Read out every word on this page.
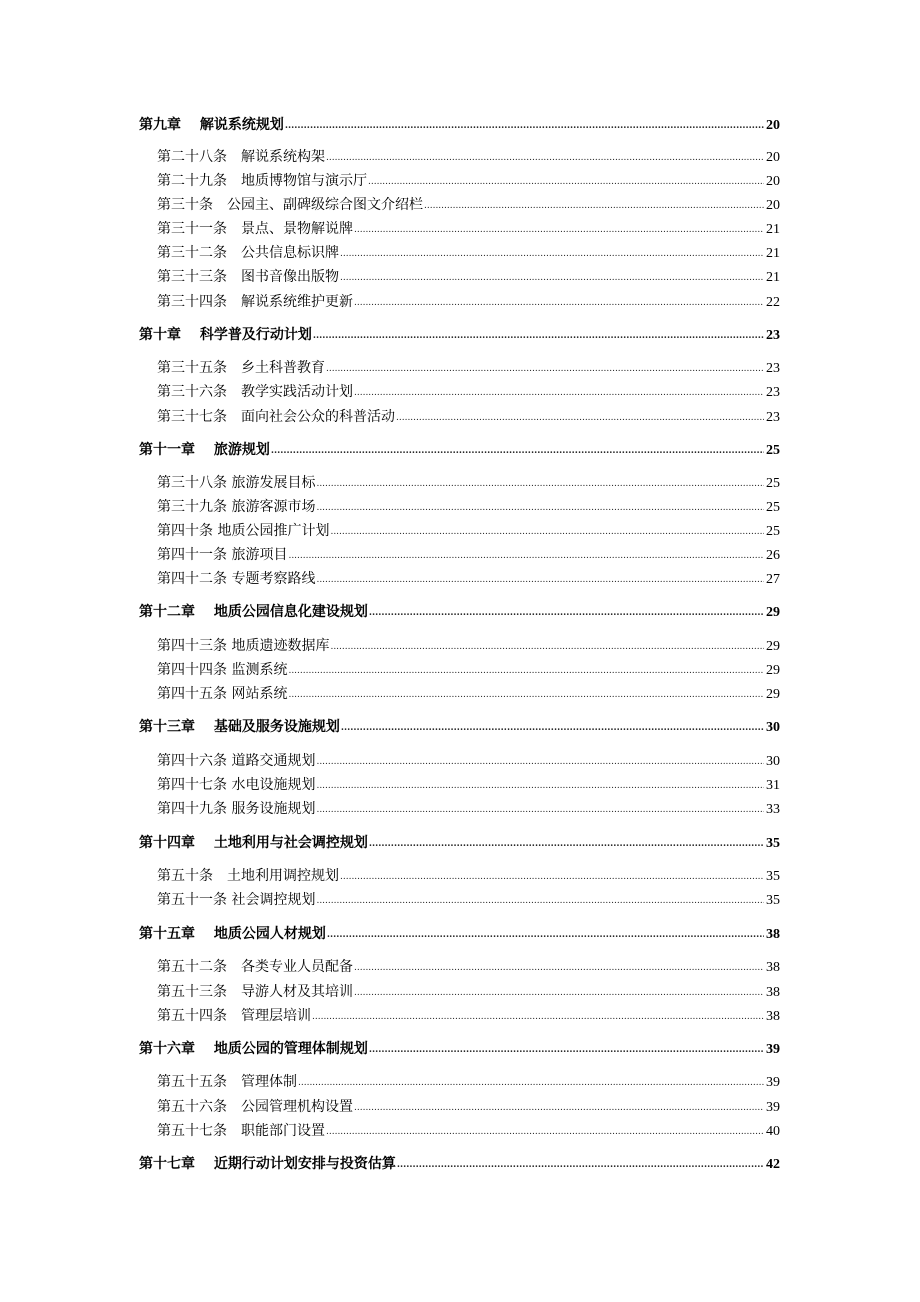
第九章　 解说系统规划 .....	20
第二十八条　解说系统构架 .....	20
第二十九条　地质博物馆与演示厅 .....	20
第三十条　公园主、副碑级综合图文介绍栏 .....	20
第三十一条　景点、景物解说牌 .....	21
第三十二条　公共信息标识牌 .....	21
第三十三条　图书音像出版物 .....	21
第三十四条　解说系统维护更新 .....	22
第十章　 科学普及行动计划 .....	23
第三十五条　乡土科普教育 .....	23
第三十六条　教学实践活动计划 .....	23
第三十七条　面向社会公众的科普活动 .....	23
第十一章　 旅游规划 .....	25
第三十八条 旅游发展目标 .....	25
第三十九条 旅游客源市场 .....	25
第四十条 地质公园推广计划 .....	25
第四十一条 旅游项目 .....	26
第四十二条 专题考察路线 .....	27
第十二章　 地质公园信息化建设规划 .....	29
第四十三条 地质遗迹数据库 .....	29
第四十四条 监测系统 .....	29
第四十五条 网站系统 .....	29
第十三章　 基础及服务设施规划 .....	30
第四十六条 道路交通规划 .....	30
第四十七条 水电设施规划 .....	31
第四十九条 服务设施规划 .....	33
第十四章　 土地利用与社会调控规划 .....	35
第五十条　土地利用调控规划 .....	35
第五十一条 社会调控规划 .....	35
第十五章　 地质公园人材规划 .....	38
第五十二条　各类专业人员配备 .....	38
第五十三条　导游人材及其培训 .....	38
第五十四条　管理层培训 .....	38
第十六章　 地质公园的管理体制规划 .....	39
第五十五条　管理体制 .....	39
第五十六条　公园管理机构设置 .....	39
第五十七条　职能部门设置 .....	40
第十七章　 近期行动计划安排与投资估算 .....	42
